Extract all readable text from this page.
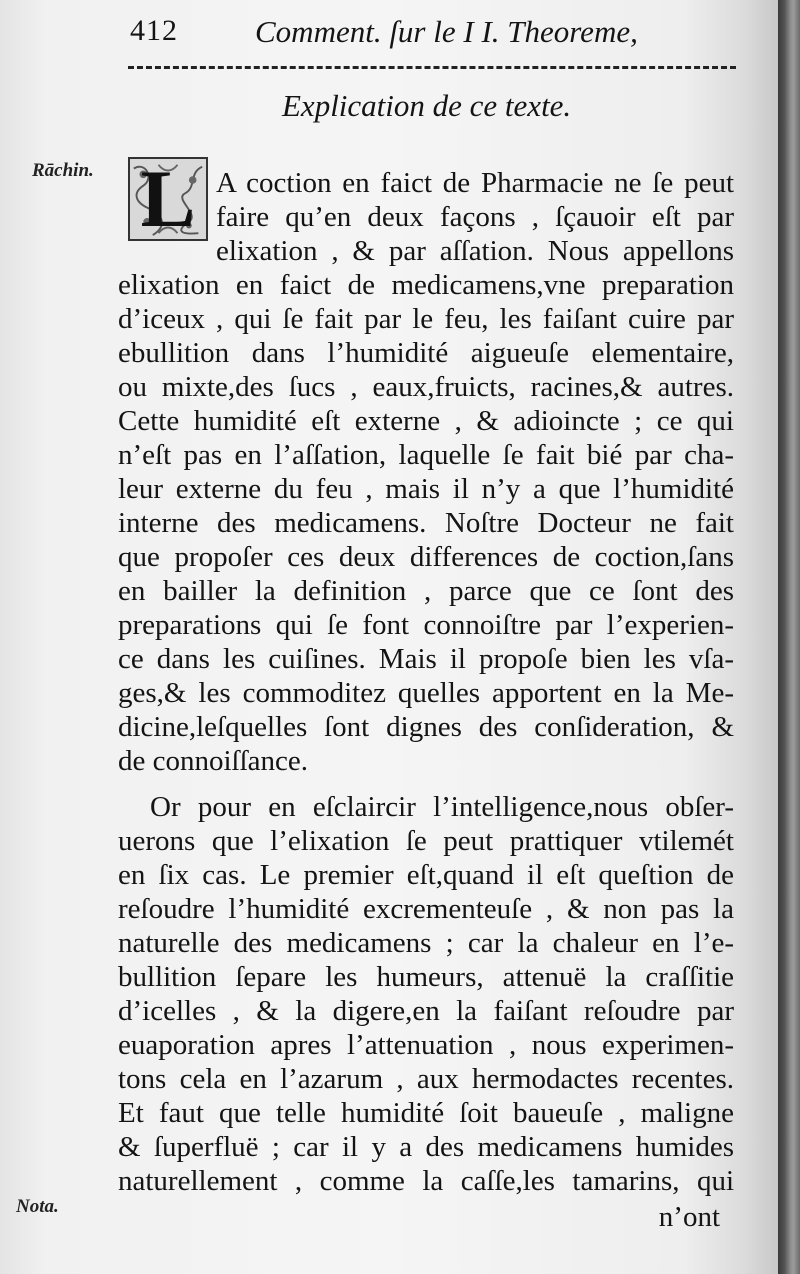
412 Comment. ſur le I I. Theoreme,
Explication de ce texte.
Rāchin.
Nota.
L A coction en faict de Pharmacie ne ſe peut
faire qu’en deux façons , ſçauoir eſt par
elixation , & par aſſation. Nous appellons
elixation en faict de medicamens,vne preparation
d’iceux , qui ſe fait par le feu, les faiſant cuire par
ebullition dans l’humidité aigueuſe elementaire,
ou mixte,des ſucs , eaux,fruicts, racines,& autres.
Cette humidité eſt externe , & adioincte ; ce qui
n’eſt pas en l’aſſation, laquelle ſe fait bié par cha-
leur externe du feu , mais il n’y a que l’humidité
interne des medicamens. Noſtre Docteur ne fait
que propoſer ces deux differences de coction,ſans
en bailler la definition , parce que ce ſont des
preparations qui ſe font connoiſtre par l’experien-
ce dans les cuiſines. Mais il propoſe bien les vſa-
ges,& les commoditez quelles apportent en la Me-
dicine,leſquelles ſont dignes des conſideration, &
de connoiſſance.
Or pour en eſclaircir l’intelligence,nous obſer-
uerons que l’elixation ſe peut prattiquer vtilemét
en ſix cas. Le premier eſt,quand il eſt queſtion de
reſoudre l’humidité excrementeuſe , & non pas la
naturelle des medicamens ; car la chaleur en l’e-
bullition ſepare les humeurs, attenuë la craſſitie
d’icelles , & la digere,en la faiſant reſoudre par
euaporation apres l’attenuation , nous experimen-
tons cela en l’azarum , aux hermodactes recentes.
Et faut que telle humidité ſoit baueuſe , maligne
& ſuperfluë ; car il y a des medicamens humides
naturellement , comme la caſſe,les tamarins, qui
n’ont
